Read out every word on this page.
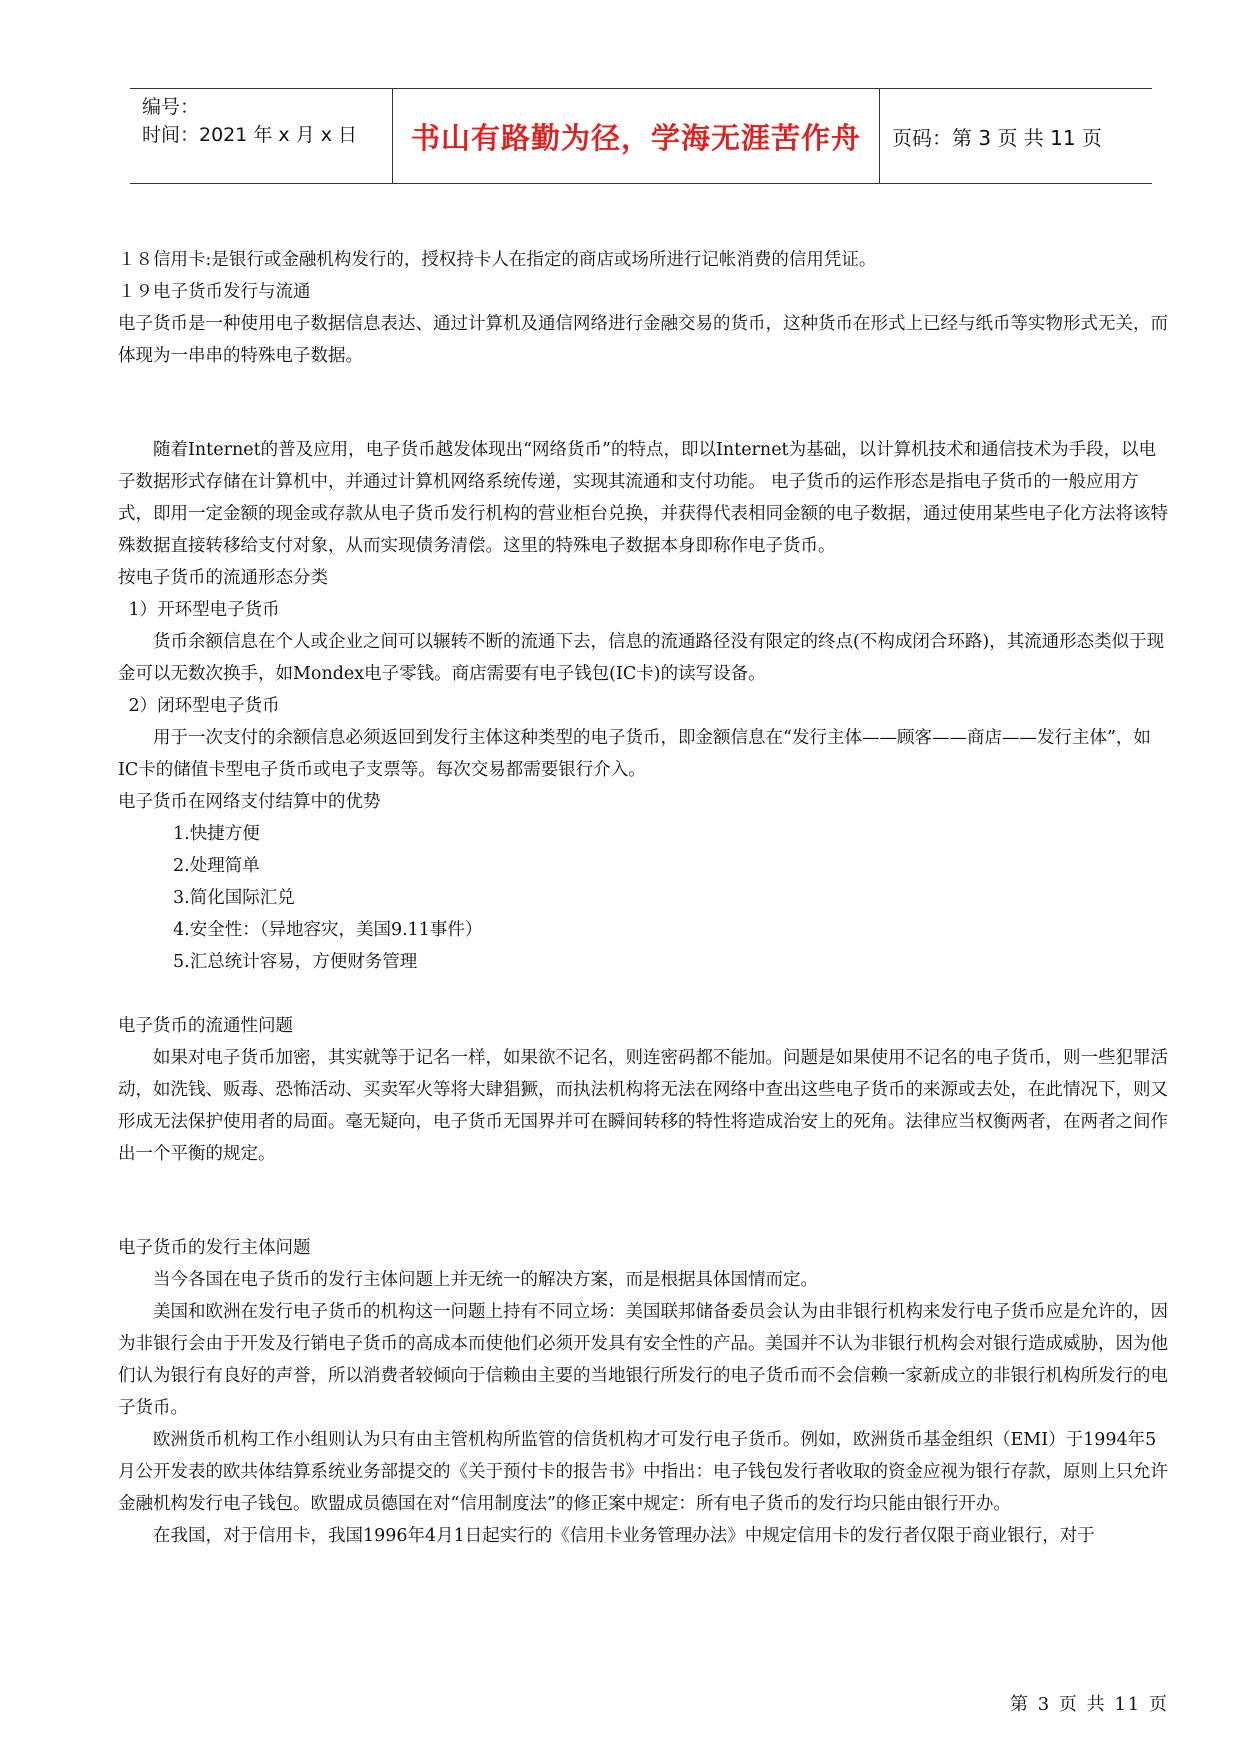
编号：
时间：2021 年 x 月 x 日	书山有路勤为径，学海无涯苦作舟 页码：第 3 页 共 11 页

１８信用卡:是银行或金融机构发行的，授权持卡人在指定的商店或场所进行记帐消费的信用凭证。

１９电子货币发行与流通

电子货币是一种使用电子数据信息表达、通过计算机及通信网络进行金融交易的货币，这种货币在形式上已经与纸币等实物形式无关，而体现为一串串的特殊电子数据。

随着Internet的普及应用，电子货币越发体现出“网络货币”的特点，即以Internet为基础，以计算机技术和通信技术为手段，以电子数据形式存储在计算机中，并通过计算机网络系统传递，实现其流通和支付功能。 电子货币的运作形态是指电子货币的一般应用方式，即用一定金额的现金或存款从电子货币发行机构的营业柜台兑换，并获得代表相同金额的电子数据，通过使用某些电子化方法将该特殊数据直接转移给支付对象，从而实现债务清偿。这里的特殊电子数据本身即称作电子货币。

按电子货币的流通形态分类

1）开环型电子货币

货币余额信息在个人或企业之间可以辗转不断的流通下去，信息的流通路径没有限定的终点(不构成闭合环路)，其流通形态类似于现金可以无数次换手，如Mondex电子零钱。商店需要有电子钱包(IC卡)的读写设备。

2）闭环型电子货币

用于一次支付的余额信息必须返回到发行主体这种类型的电子货币，即金额信息在“发行主体——顾客——商店——发行主体”，如IC卡的储值卡型电子货币或电子支票等。每次交易都需要银行介入。

电子货币在网络支付结算中的优势

1.快捷方便

2.处理简单

3.简化国际汇兑

4.安全性：（异地容灾，美国9.11事件）

5.汇总统计容易，方便财务管理

电子货币的流通性问题

如果对电子货币加密，其实就等于记名一样，如果欲不记名，则连密码都不能加。问题是如果使用不记名的电子货币，则一些犯罪活动，如洗钱、贩毒、恐怖活动、买卖军火等将大肆猖獗，而执法机构将无法在网络中查出这些电子货币的来源或去处，在此情况下，则又形成无法保护使用者的局面。毫无疑向，电子货币无国界并可在瞬间转移的特性将造成治安上的死角。法律应当权衡两者，在两者之间作出一个平衡的规定。

电子货币的发行主体问题

当今各国在电子货币的发行主体问题上并无统一的解决方案，而是根据具体国情而定。

美国和欧洲在发行电子货币的机构这一问题上持有不同立场：美国联邦储备委员会认为由非银行机构来发行电子货币应是允许的，因为非银行会由于开发及行销电子货币的高成本而使他们必须开发具有安全性的产品。美国并不认为非银行机构会对银行造成威胁，因为他们认为银行有良好的声誉，所以消费者较倾向于信赖由主要的当地银行所发行的电子货币而不会信赖一家新成立的非银行机构所发行的电子货币。

欧洲货币机构工作小组则认为只有由主管机构所监管的信货机构才可发行电子货币。例如，欧洲货币基金组织（EMI）于1994年5月公开发表的欧共体结算系统业务部提交的《关于预付卡的报告书》中指出：电子钱包发行者收取的资金应视为银行存款，原则上只允许金融机构发行电子钱包。欧盟成员德国在对“信用制度法”的修正案中规定：所有电子货币的发行均只能由银行开办。

在我国，对于信用卡，我国1996年4月1日起实行的《信用卡业务管理办法》中规定信用卡的发行者仅限于商业银行，对于

第 3 页 共 11 页
